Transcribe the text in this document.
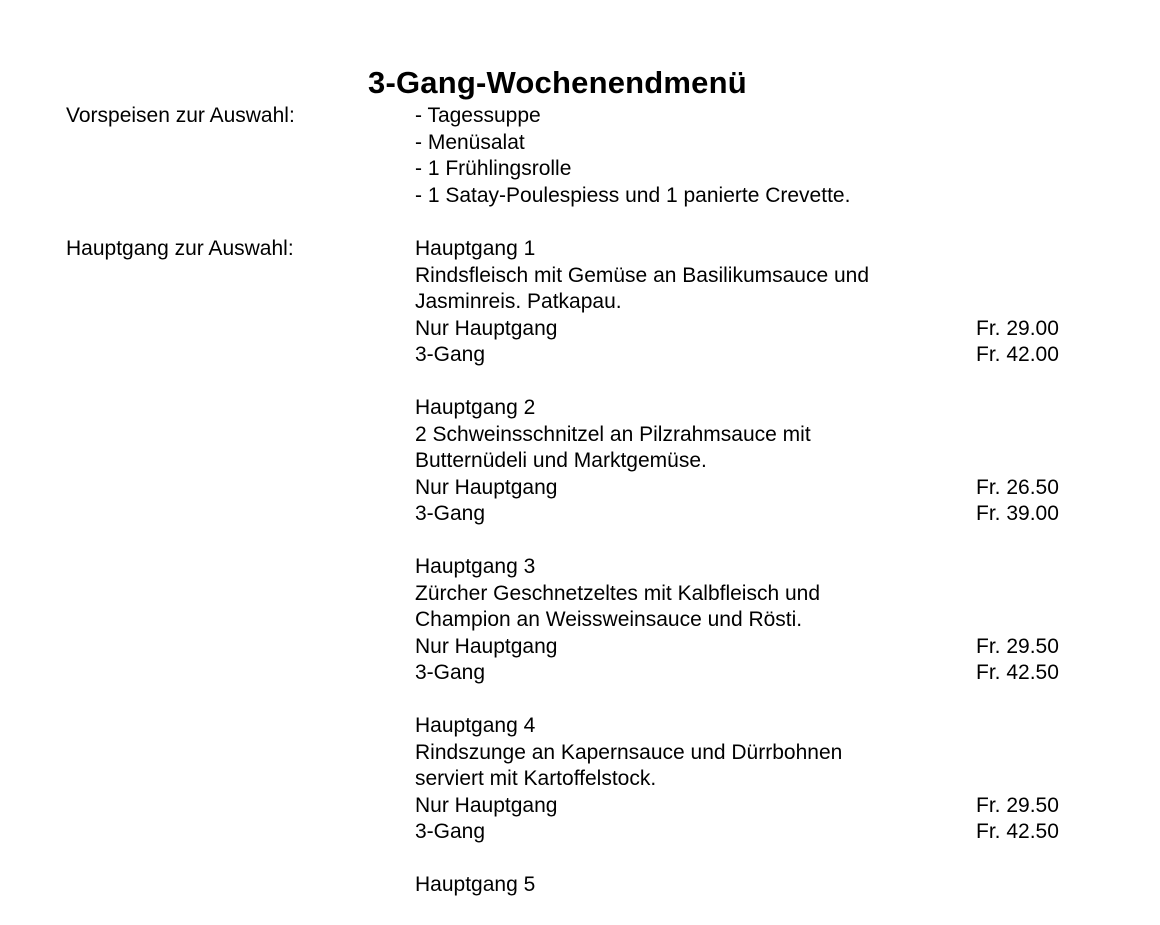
3-Gang-Wochenendmenü
Vorspeisen zur Auswahl:	- Tagessuppe
- Menüsalat
- 1 Frühlingsrolle
- 1 Satay-Poulespiess und 1 panierte Crevette.
Hauptgang zur Auswahl:	Hauptgang 1
Rindsfleisch mit Gemüse an Basilikumsauce und
Jasminreis. Patkapau.
Nur Hauptgang	Fr. 29.00
3-Gang	Fr. 42.00
Hauptgang 2
2 Schweinsschnitzel an Pilzrahmsauce mit
Butternüdeli und Marktgemüse.
Nur Hauptgang	Fr. 26.50
3-Gang	Fr. 39.00
Hauptgang 3
Zürcher Geschnetzeltes mit Kalbfleisch und
Champion an Weissweinsauce und Rösti.
Nur Hauptgang	Fr. 29.50
3-Gang	Fr. 42.50
Hauptgang 4
Rindszunge an Kapernsauce und Dürrbohnen
serviert mit Kartoffelstock.
Nur Hauptgang	Fr. 29.50
3-Gang	Fr. 42.50
Hauptgang 5
